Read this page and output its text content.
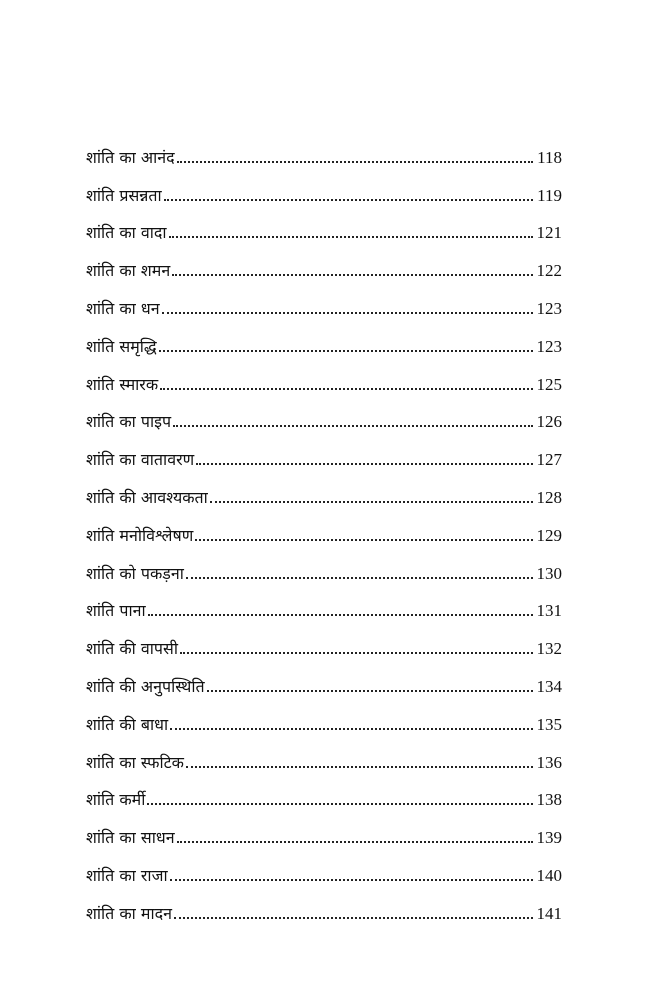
शांति का आनंद	118
शांति प्रसन्नता	119
शांति का वादा	121
शांति का शमन	122
शांति का धन	123
शांति समृद्धि	123
शांति स्मारक	125
शांति का पाइप	126
शांति का वातावरण	127
शांति की आवश्यकता	128
शांति मनोविश्लेषण	129
शांति को पकड़ना	130
शांति पाना	131
शांति की वापसी	132
शांति की अनुपस्थिति	134
शांति की बाधा	135
शांति का स्फटिक	136
शांति कर्मी	138
शांति का साधन	139
शांति का राजा	140
शांति का मादन	141
